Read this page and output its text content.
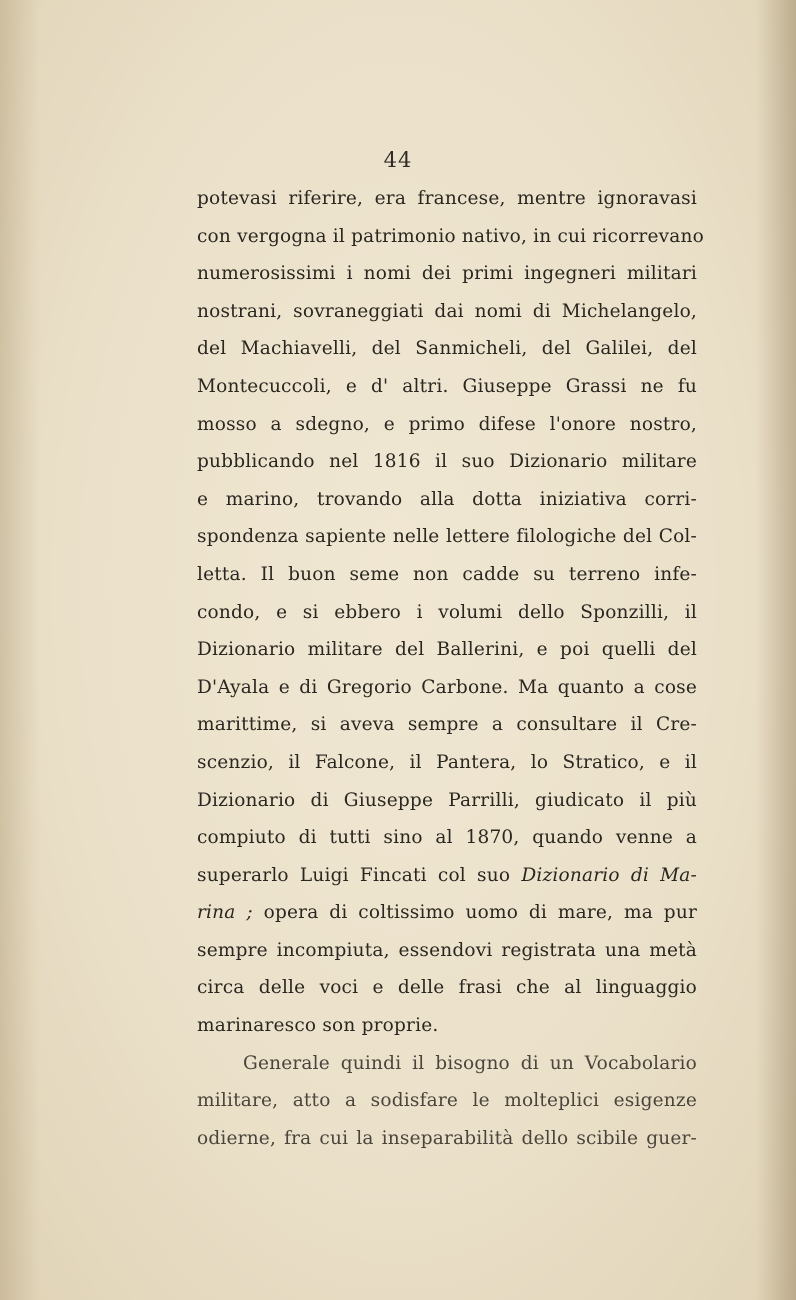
44
potevasi riferire, era francese, mentre ignoravasi
con vergogna il patrimonio nativo, in cui ricorrevano
numerosissimi i nomi dei primi ingegneri militari
nostrani, sovraneggiati dai nomi di Michelangelo,
del Machiavelli, del Sanmicheli, del Galilei, del
Montecuccoli, e d' altri. Giuseppe Grassi ne fu
mosso a sdegno, e primo difese l'onore nostro,
pubblicando nel 1816 il suo Dizionario militare
e marino, trovando alla dotta iniziativa corri-
spondenza sapiente nelle lettere filologiche del Col-
letta. Il buon seme non cadde su terreno infe-
condo, e si ebbero i volumi dello Sponzilli, il
Dizionario militare del Ballerini, e poi quelli del
D'Ayala e di Gregorio Carbone. Ma quanto a cose
marittime, si aveva sempre a consultare il Cre-
scenzio, il Falcone, il Pantera, lo Stratico, e il
Dizionario di Giuseppe Parrilli, giudicato il più
compiuto di tutti sino al 1870, quando venne a
superarlo Luigi Fincati col suo Dizionario di Ma-
rina ; opera di coltissimo uomo di mare, ma pur
sempre incompiuta, essendovi registrata una metà
circa delle voci e delle frasi che al linguaggio
marinaresco son proprie.
Generale quindi il bisogno di un Vocabolario
militare, atto a sodisfare le molteplici esigenze
odierne, fra cui la inseparabilità dello scibile guer-
